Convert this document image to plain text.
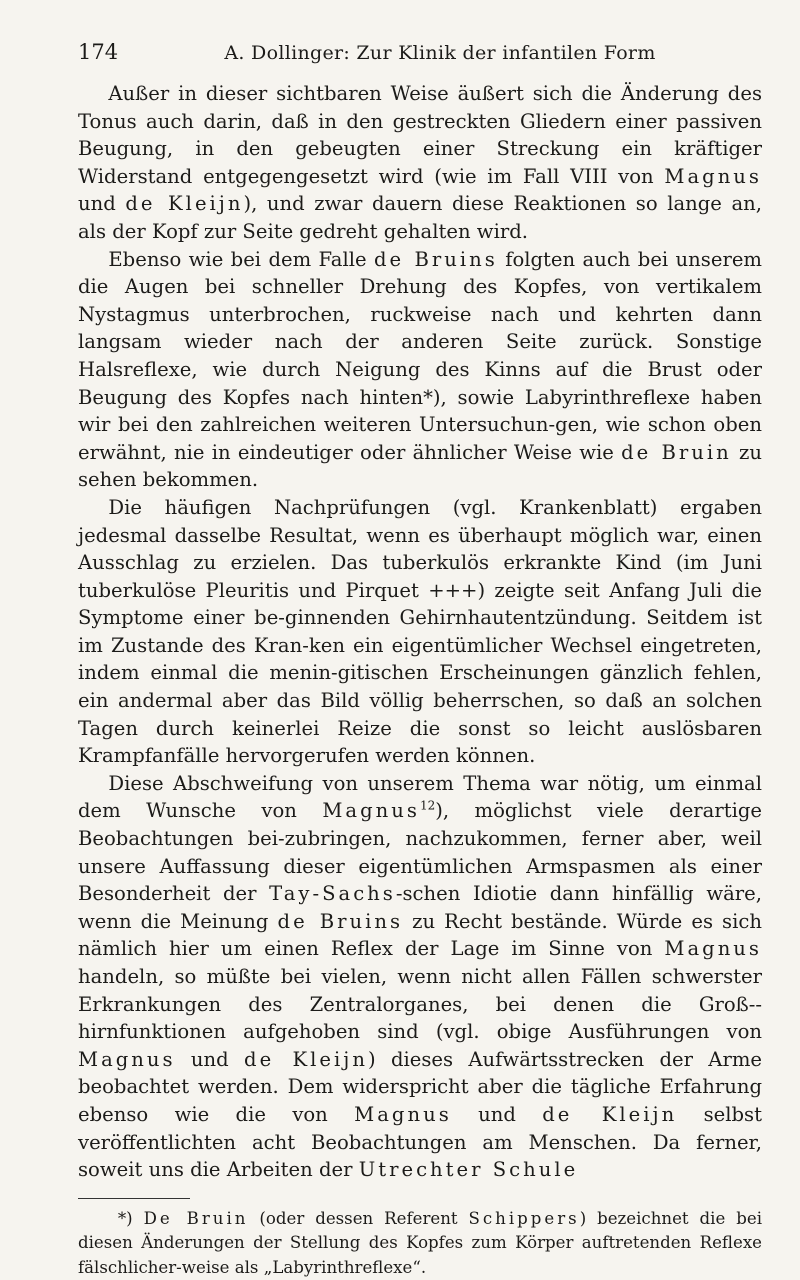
174	A. Dollinger: Zur Klinik der infantilen Form

Außer in dieser sichtbaren Weise äußert sich die Änderung des Tonus auch darin, daß in den gestreckten Gliedern einer passiven Beugung, in den gebeugten einer Streckung ein kräftiger Widerstand entgegengesetzt wird (wie im Fall VIII von Magnus und de Kleijn), und zwar dauern diese Reaktionen so lange an, als der Kopf zur Seite gedreht gehalten wird.

Ebenso wie bei dem Falle de Bruins folgten auch bei unserem die Augen bei schneller Drehung des Kopfes, von vertikalem Nystagmus unterbrochen, ruckweise nach und kehrten dann langsam wieder nach der anderen Seite zurück. Sonstige Halsreflexe, wie durch Neigung des Kinns auf die Brust oder Beugung des Kopfes nach hinten*), sowie Labyrinthreflexe haben wir bei den zahlreichen weiteren Untersuchun-gen, wie schon oben erwähnt, nie in eindeutiger oder ähnlicher Weise wie de Bruin zu sehen bekommen.

Die häufigen Nachprüfungen (vgl. Krankenblatt) ergaben jedesmal dasselbe Resultat, wenn es überhaupt möglich war, einen Ausschlag zu erzielen. Das tuberkulös erkrankte Kind (im Juni tuberkulöse Pleuritis und Pirquet +++) zeigte seit Anfang Juli die Symptome einer be-ginnenden Gehirnhautentzündung. Seitdem ist im Zustande des Kran-ken ein eigentümlicher Wechsel eingetreten, indem einmal die menin-gitischen Erscheinungen gänzlich fehlen, ein andermal aber das Bild völlig beherrschen, so daß an solchen Tagen durch keinerlei Reize die sonst so leicht auslösbaren Krampfanfälle hervorgerufen werden können.

Diese Abschweifung von unserem Thema war nötig, um einmal dem Wunsche von Magnus$^{12}$), möglichst viele derartige Beobachtungen bei-zubringen, nachzukommen, ferner aber, weil unsere Auffassung dieser eigentümlichen Armspasmen als einer Besonderheit der Tay-Sachs-schen Idiotie dann hinfällig wäre, wenn die Meinung de Bruins zu Recht bestände. Würde es sich nämlich hier um einen Reflex der Lage im Sinne von Magnus handeln, so müßte bei vielen, wenn nicht allen Fällen schwerster Erkrankungen des Zentralorganes, bei denen die Groß-hirnfunktionen aufgehoben sind (vgl. obige Ausführungen von Magnus und de Kleijn) dieses Aufwärtsstrecken der Arme beobachtet werden. Dem widerspricht aber die tägliche Erfahrung ebenso wie die von Magnus und de Kleijn selbst veröffentlichten acht Beobachtungen am Menschen. Da ferner, soweit uns die Arbeiten der Utrechter Schule

*) De Bruin (oder dessen Referent Schippers) bezeichnet die bei diesen Änderungen der Stellung des Kopfes zum Körper auftretenden Reflexe fälschlicher-weise als „Labyrinthreflexe“.
